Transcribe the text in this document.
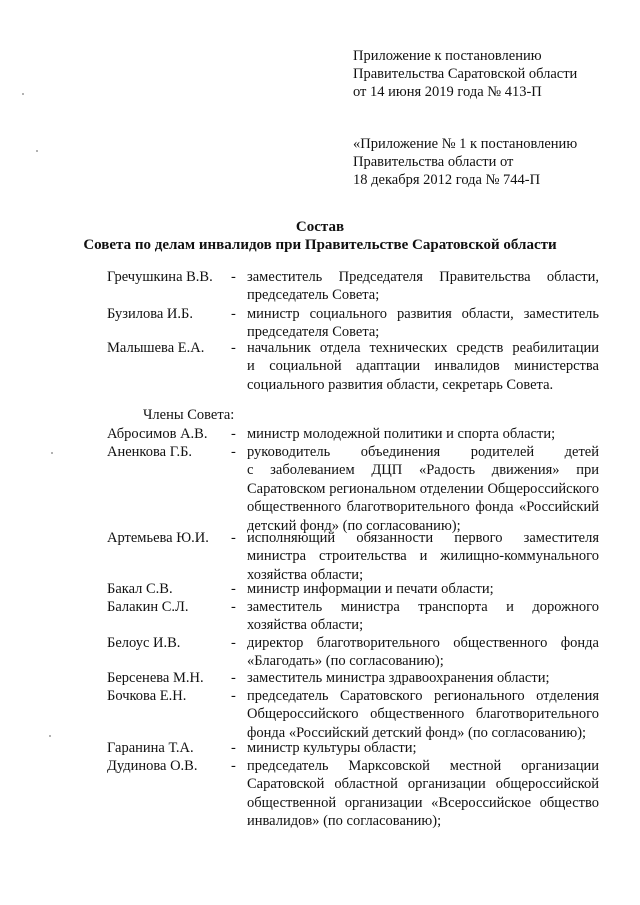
Приложение к постановлению
Правительства Саратовской области
от 14 июня 2019 года № 413-П
«Приложение № 1 к постановлению
Правительства области от
18 декабря 2012 года № 744-П
Состав
Совета по делам инвалидов при Правительстве Саратовской области
Гречушкина В.В. - заместитель Председателя Правительства области,
председатель Совета;
Бузилова И.Б.	- министр социального развития области, заместитель
председателя Совета;
Малышева Е.А. - начальник отдела технических средств реабилитации
и социальной адаптации инвалидов министерства
социального развития области, секретарь Совета.
Члены Совета:
Абросимов А.В. - министр молодежной политики и спорта области;
Аненкова Г.Б.	- руководитель объединения родителей детей
с заболеванием ДЦП «Радость движения» при
Саратовском региональном отделении Общероссийского
общественного благотворительного фонда «Российский
детский фонд» (по согласованию);
Артемьева Ю.И. - исполняющий обязанности первого заместителя
министра строительства и жилищно-коммунального
хозяйства области;
Бакал С.В.	- министр информации и печати области;
Балакин С.Л.	- заместитель министра транспорта и дорожного
хозяйства области;
Белоус И.В.	- директор благотворительного общественного фонда
«Благодать» (по согласованию);
Берсенева М.Н. - заместитель министра здравоохранения области;
Бочкова Е.Н.	- председатель Саратовского регионального отделения
Общероссийского общественного благотворительного
фонда «Российский детский фонд» (по согласованию);
Гаранина Т.А.	- министр культуры области;
Дудинова О.В. - председатель Марксовской местной организации
Саратовской областной организации общероссийской
общественной организации «Всероссийское общество
инвалидов» (по согласованию);
